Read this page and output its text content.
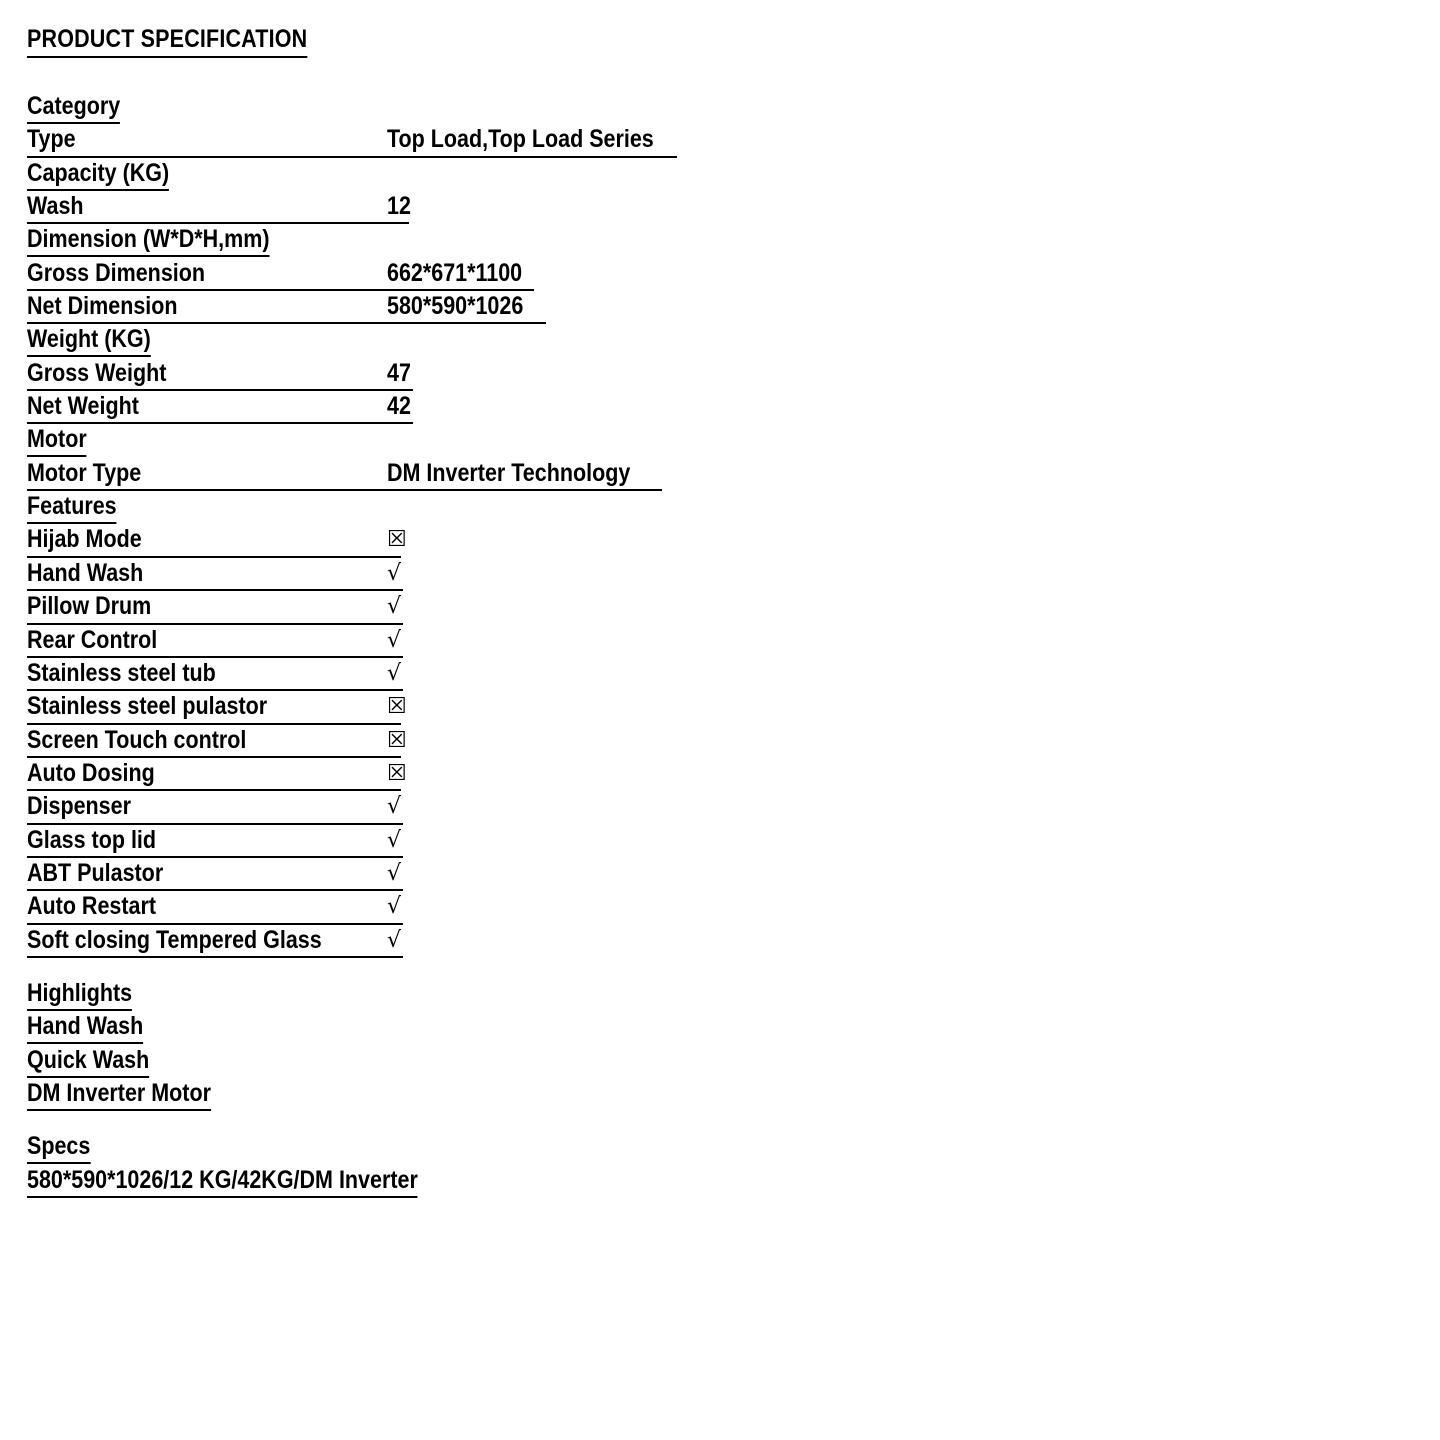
PRODUCT SPECIFICATION
Category
Type	Top Load,Top Load Series
Capacity (KG)
Wash	12
Dimension (W*D*H,mm)
Gross Dimension	662*671*1100
Net Dimension	580*590*1026
Weight (KG)
Gross Weight	47
Net Weight	42
Motor
Motor Type	DM Inverter Technology
Features
Hijab Mode	☒
Hand Wash	√
Pillow Drum	√
Rear Control	√
Stainless steel tub	√
Stainless steel pulastor	☒
Screen Touch control	☒
Auto Dosing	☒
Dispenser	√
Glass top lid	√
ABT Pulastor	√
Auto Restart	√
Soft closing Tempered Glass	√
Highlights
Hand Wash
Quick Wash
DM Inverter Motor
Specs
580*590*1026/12 KG/42KG/DM Inverter
